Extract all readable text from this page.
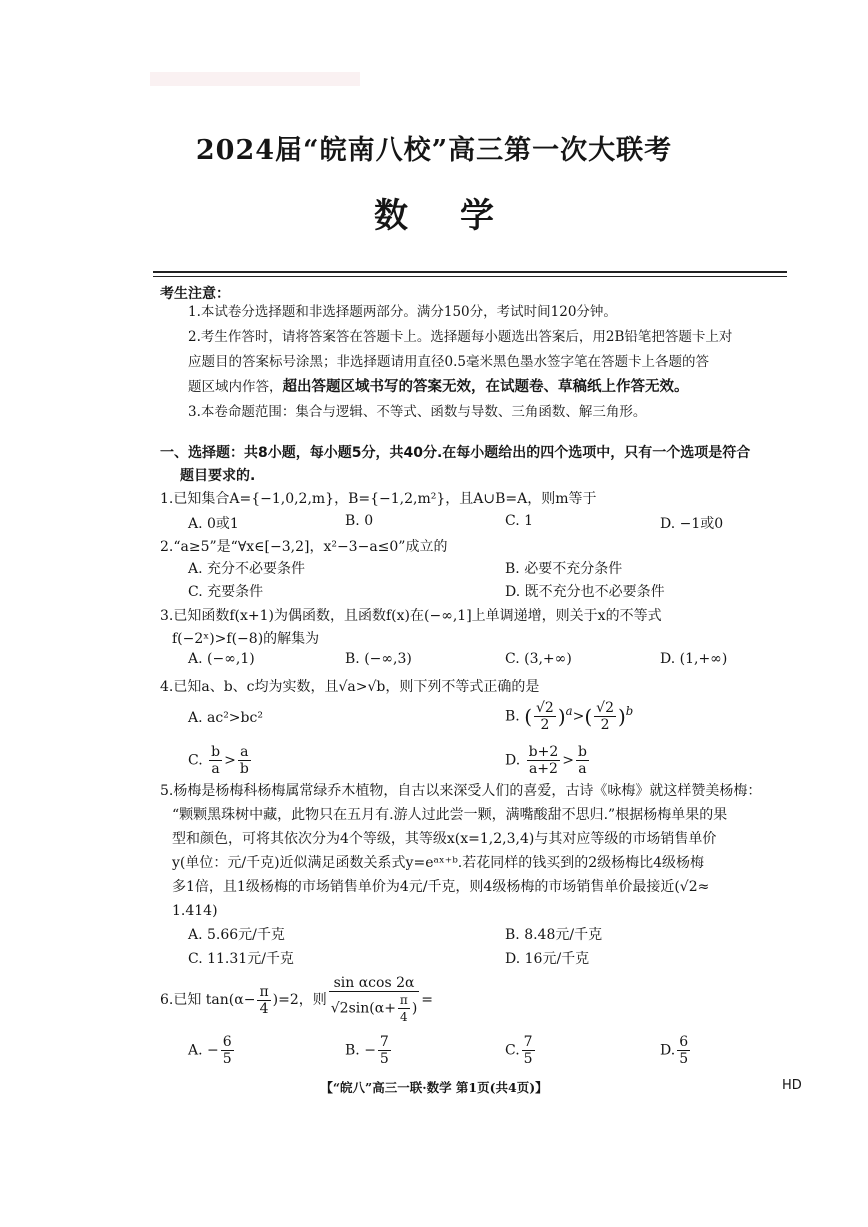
2024届“皖南八校”高三第一次大联考
数学
考生注意：
1.本试卷分选择题和非选择题两部分。满分150分，考试时间120分钟。
2.考生作答时，请将答案答在答题卡上。选择题每小题选出答案后，用2B铅笔把答题卡上对
应题目的答案标号涂黑；非选择题请用直径0.5毫米黑色墨水签字笔在答题卡上各题的答
题区域内作答，超出答题区域书写的答案无效，在试题卷、草稿纸上作答无效。
3.本卷命题范围：集合与逻辑、不等式、函数与导数、三角函数、解三角形。
一、选择题：共8小题，每小题5分，共40分.在每小题给出的四个选项中，只有一个选项是符合
题目要求的.
1.已知集合A={−1,0,2,m}，B={−1,2,m²}，且A∪B=A，则m等于
A. 0或1	B. 0	C. 1	D. −1或0
2.“a≥5”是“∀x∈[−3,2]，x²−3−a≤0”成立的
A. 充分不必要条件	B. 必要不充分条件
C. 充要条件	D. 既不充分也不必要条件
3.已知函数f(x+1)为偶函数，且函数f(x)在(−∞,1]上单调递增，则关于x的不等式
f(−2ˣ)>f(−8)的解集为
A. (−∞,1)	B. (−∞,3)	C. (3,+∞)	D. (1,+∞)
4.已知a、b、c均为实数，且√a>√b，则下列不等式正确的是
A. ac²>bc²	B. ( $\frac{√2}{2} )^a>( \frac{√2}{2} )^b$
C. $\frac{b}{a} > \frac{a}{b}$	D. $\frac{b+2}{a+2} > \frac{b}{a}$
5.杨梅是杨梅科杨梅属常绿乔木植物，自古以来深受人们的喜爱，古诗《咏梅》就这样赞美杨梅：
“颗颗黑珠树中藏，此物只在五月有.游人过此尝一颗，满嘴酸甜不思归.”根据杨梅单果的果
型和颜色，可将其依次分为4个等级，其等级x(x=1,2,3,4)与其对应等级的市场销售单价
y(单位：元/千克)近似满足函数关系式y=eᵃˣ⁺ᵇ.若花同样的钱买到的2级杨梅比4级杨梅
多1倍，且1级杨梅的市场销售单价为4元/千克，则4级杨梅的市场销售单价最接近(√2≈
1.414)
A. 5.66元/千克	B. 8.48元/千克
C. 11.31元/千克	D. 16元/千克
6.已知 $\tan(\alpha- \frac{\pi}{4} )=2$，则 $\frac{\text{sin αcos 2α}}{√2\sin(\alpha+ \frac{\pi}{4} )}$ =
A. − $\frac{6}{5}$	B. − $\frac{7}{5}$	C. $\frac{7}{5}$	D. $\frac{6}{5}$
【“皖八”高三一联·数学 第1页(共4页)】	HD
